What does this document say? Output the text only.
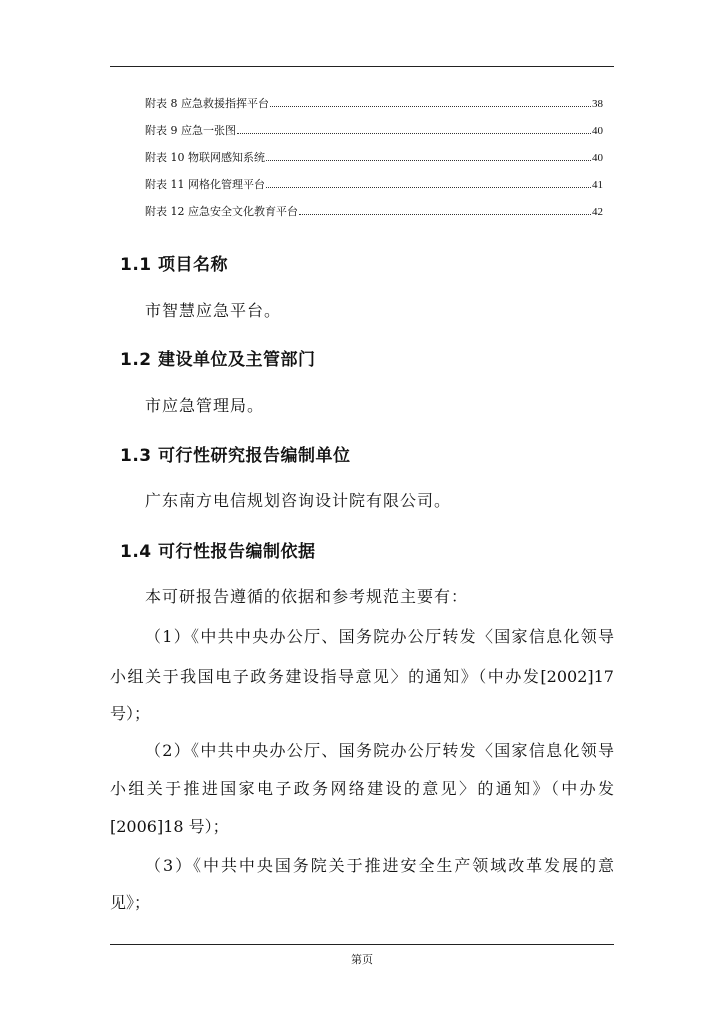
附表 8 应急救援指挥平台	38
附表 9 应急一张图	40
附表 10 物联网感知系统	40
附表 11 网格化管理平台	41
附表 12 应急安全文化教育平台	42
1.1 项目名称
市智慧应急平台。
1.2 建设单位及主管部门
市应急管理局。
1.3 可行性研究报告编制单位
广东南方电信规划咨询设计院有限公司。
1.4 可行性报告编制依据
本可研报告遵循的依据和参考规范主要有：
（1）《中共中央办公厅、国务院办公厅转发〈国家信息化领导
小组关于我国电子政务建设指导意见〉的通知》（中办发[2002]17
号）；
（2）《中共中央办公厅、国务院办公厅转发〈国家信息化领导
小组关于推进国家电子政务网络建设的意见〉的通知》（中办发
[2006]18 号）；
（3）《中共中央国务院关于推进安全生产领域改革发展的意
见》；
第页
